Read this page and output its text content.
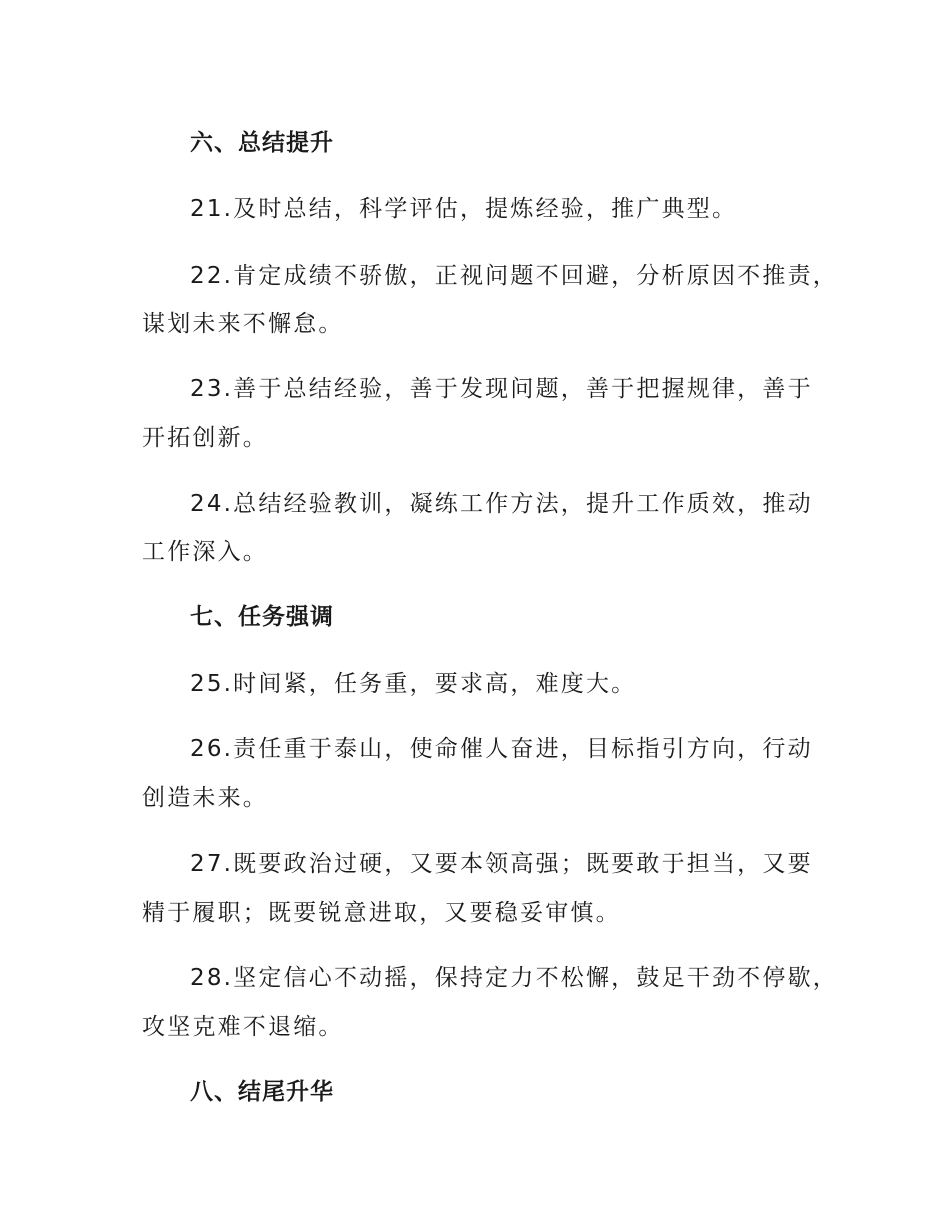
六、总结提升
21.及时总结，科学评估，提炼经验，推广典型。
22.肯定成绩不骄傲，正视问题不回避，分析原因不推责，
谋划未来不懈怠。
23.善于总结经验，善于发现问题，善于把握规律，善于
开拓创新。
24.总结经验教训，凝练工作方法，提升工作质效，推动
工作深入。
七、任务强调
25.时间紧，任务重，要求高，难度大。
26.责任重于泰山，使命催人奋进，目标指引方向，行动
创造未来。
27.既要政治过硬，又要本领高强；既要敢于担当，又要
精于履职；既要锐意进取，又要稳妥审慎。
28.坚定信心不动摇，保持定力不松懈，鼓足干劲不停歇，
攻坚克难不退缩。
八、结尾升华
